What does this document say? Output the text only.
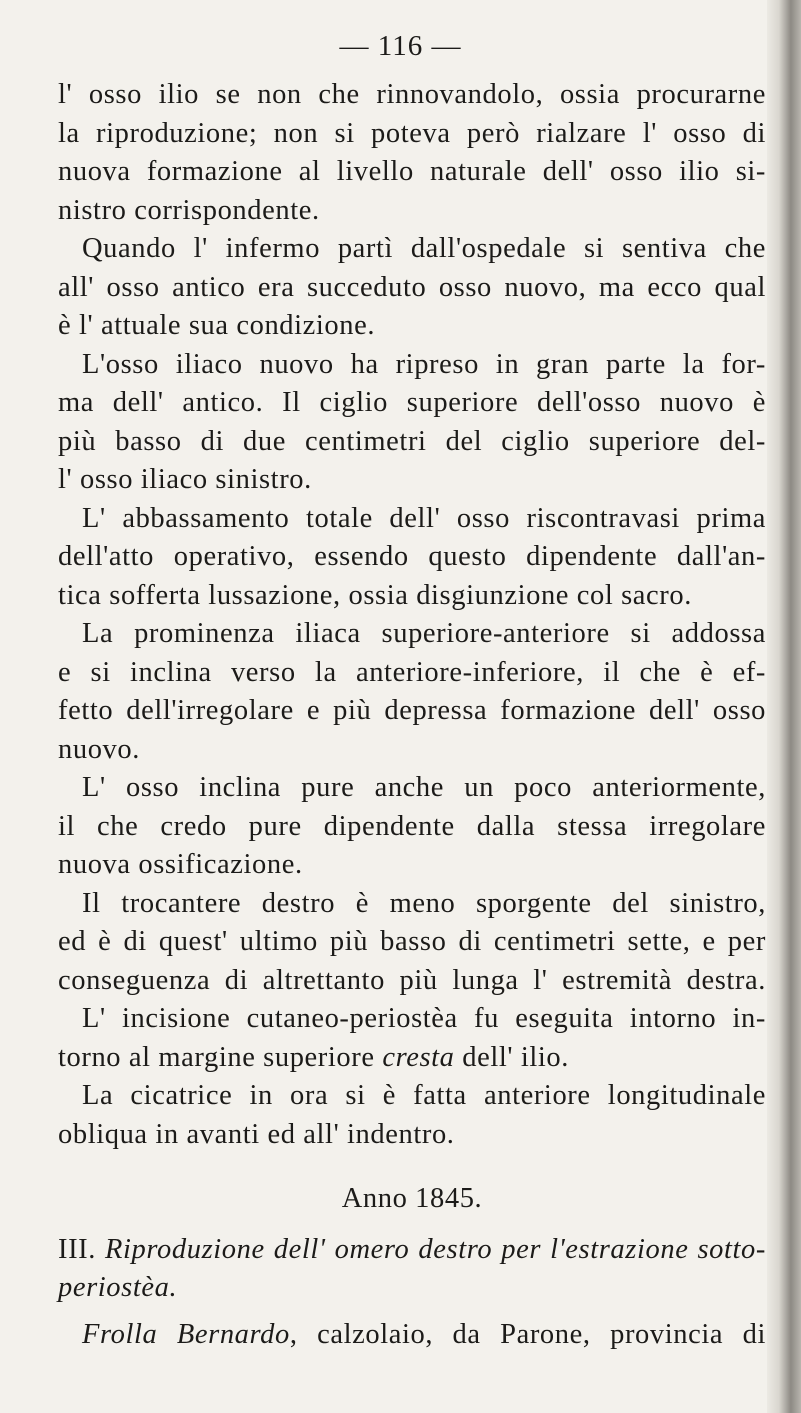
— 116 —
l' osso ilio se non che rinnovandolo, ossia procurarne
la riproduzione; non si poteva però rialzare l' osso di
nuova formazione al livello naturale dell' osso ilio si-
nistro corrispondente.
Quando l' infermo partì dall'ospedale si sentiva che
all' osso antico era succeduto osso nuovo, ma ecco qual
è l' attuale sua condizione.
L'osso iliaco nuovo ha ripreso in gran parte la for-
ma dell' antico. Il ciglio superiore dell'osso nuovo è
più basso di due centimetri del ciglio superiore del-
l' osso iliaco sinistro.
L' abbassamento totale dell' osso riscontravasi prima
dell'atto operativo, essendo questo dipendente dall'an-
tica sofferta lussazione, ossia disgiunzione col sacro.
La prominenza iliaca superiore-anteriore si addossa
e si inclina verso la anteriore-inferiore, il che è ef-
fetto dell'irregolare e più depressa formazione dell' osso
nuovo.
L' osso inclina pure anche un poco anteriormente,
il che credo pure dipendente dalla stessa irregolare
nuova ossificazione.
Il trocantere destro è meno sporgente del sinistro,
ed è di quest' ultimo più basso di centimetri sette, e per
conseguenza di altrettanto più lunga l' estremità destra.
L' incisione cutaneo-periostèa fu eseguita intorno in-
torno al margine superiore cresta dell' ilio.
La cicatrice in ora si è fatta anteriore longitudinale
obliqua in avanti ed all' indentro.
Anno 1845.
III. Riproduzione dell' omero destro per l'estrazione sotto-
periostèa.
Frolla Bernardo, calzolaio, da Parone, provincia di
